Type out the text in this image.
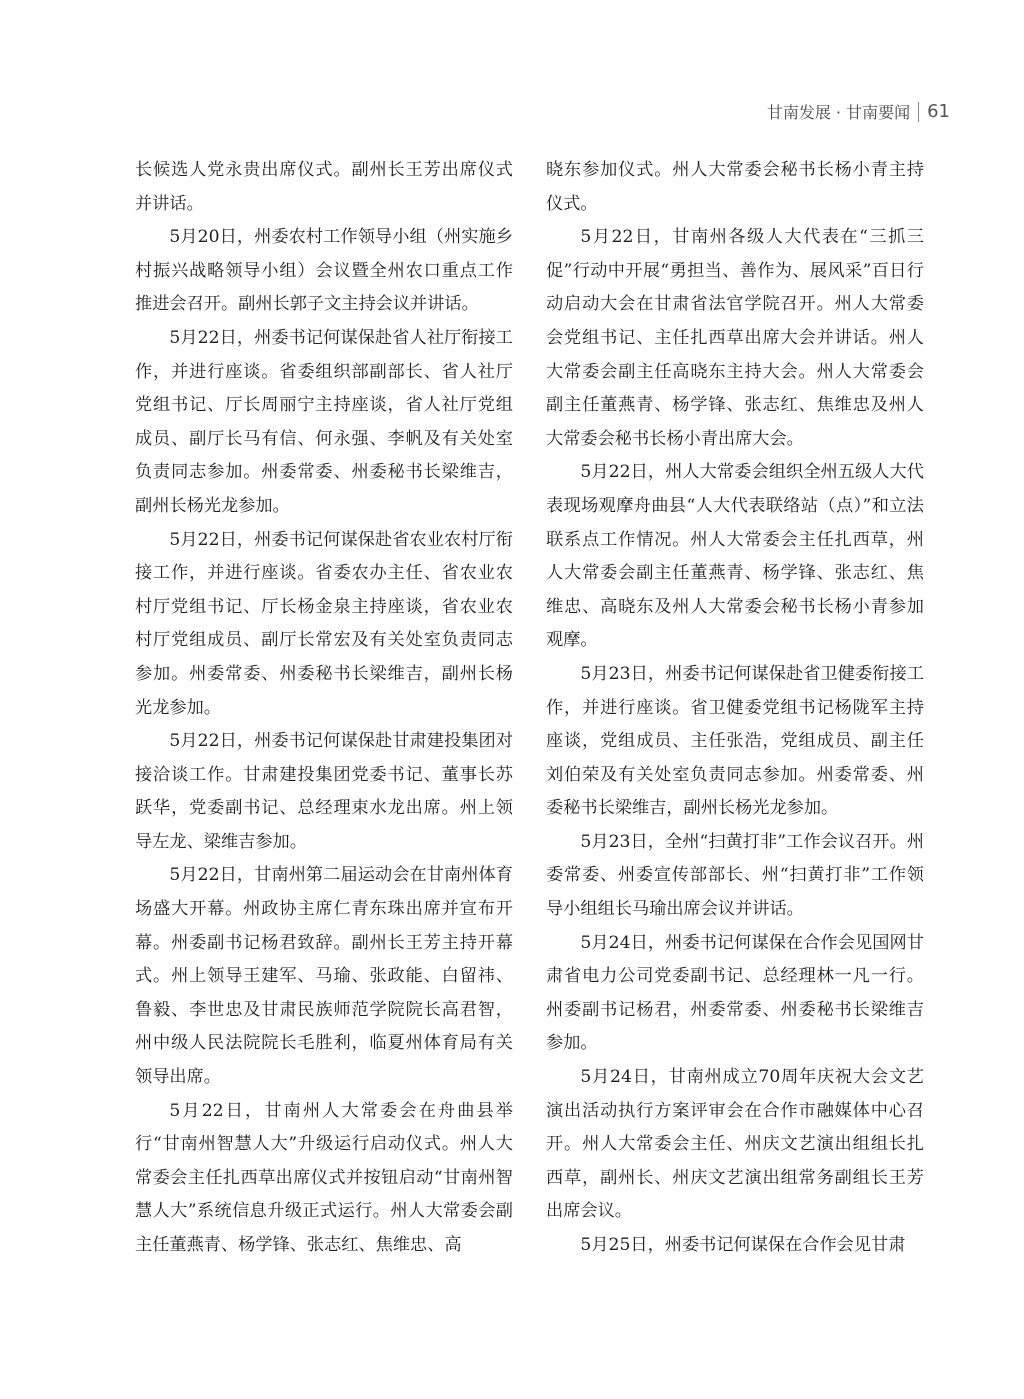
甘南发展 · 甘南要闻 61

长候选人党永贵出席仪式。副州长王芳出席仪式并讲话。

5月20日，州委农村工作领导小组（州实施乡村振兴战略领导小组）会议暨全州农口重点工作推进会召开。副州长郭子文主持会议并讲话。

5月22日，州委书记何谋保赴省人社厅衔接工作，并进行座谈。省委组织部副部长、省人社厅党组书记、厅长周丽宁主持座谈，省人社厅党组成员、副厅长马有信、何永强、李帆及有关处室负责同志参加。州委常委、州委秘书长梁维吉，副州长杨光龙参加。

5月22日，州委书记何谋保赴省农业农村厅衔接工作，并进行座谈。省委农办主任、省农业农村厅党组书记、厅长杨金泉主持座谈，省农业农村厅党组成员、副厅长常宏及有关处室负责同志参加。州委常委、州委秘书长梁维吉，副州长杨光龙参加。

5月22日，州委书记何谋保赴甘肃建投集团对接洽谈工作。甘肃建投集团党委书记、董事长苏跃华，党委副书记、总经理束水龙出席。州上领导左龙、梁维吉参加。

5月22日，甘南州第二届运动会在甘南州体育场盛大开幕。州政协主席仁青东珠出席并宣布开幕。州委副书记杨君致辞。副州长王芳主持开幕式。州上领导王建军、马瑜、张政能、白留祎、鲁毅、李世忠及甘肃民族师范学院院长高君智，州中级人民法院院长毛胜利，临夏州体育局有关领导出席。

5月22日，甘南州人大常委会在舟曲县举行“甘南州智慧人大”升级运行启动仪式。州人大常委会主任扎西草出席仪式并按钮启动“甘南州智慧人大”系统信息升级正式运行。州人大常委会副主任董燕青、杨学锋、张志红、焦维忠、高

晓东参加仪式。州人大常委会秘书长杨小青主持仪式。

5月22日，甘南州各级人大代表在“三抓三促”行动中开展“勇担当、善作为、展风采”百日行动启动大会在甘肃省法官学院召开。州人大常委会党组书记、主任扎西草出席大会并讲话。州人大常委会副主任高晓东主持大会。州人大常委会副主任董燕青、杨学锋、张志红、焦维忠及州人大常委会秘书长杨小青出席大会。

5月22日，州人大常委会组织全州五级人大代表现场观摩舟曲县“人大代表联络站（点）”和立法联系点工作情况。州人大常委会主任扎西草，州人大常委会副主任董燕青、杨学锋、张志红、焦维忠、高晓东及州人大常委会秘书长杨小青参加观摩。

5月23日，州委书记何谋保赴省卫健委衔接工作，并进行座谈。省卫健委党组书记杨陇军主持座谈，党组成员、主任张浩，党组成员、副主任刘伯荣及有关处室负责同志参加。州委常委、州委秘书长梁维吉，副州长杨光龙参加。

5月23日，全州“扫黄打非”工作会议召开。州委常委、州委宣传部部长、州“扫黄打非”工作领导小组组长马瑜出席会议并讲话。

5月24日，州委书记何谋保在合作会见国网甘肃省电力公司党委副书记、总经理林一凡一行。州委副书记杨君，州委常委、州委秘书长梁维吉参加。

5月24日，甘南州成立70周年庆祝大会文艺演出活动执行方案评审会在合作市融媒体中心召开。州人大常委会主任、州庆文艺演出组组长扎西草，副州长、州庆文艺演出组常务副组长王芳出席会议。

5月25日，州委书记何谋保在合作会见甘肃
